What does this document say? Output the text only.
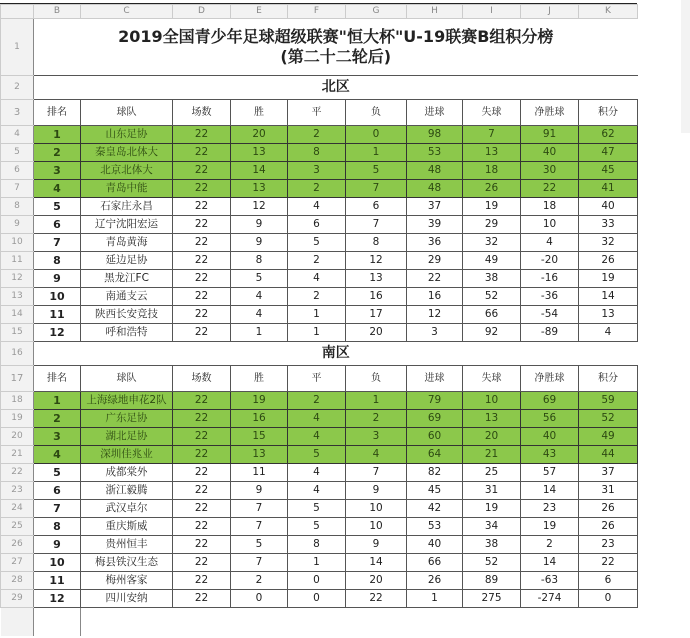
	B	C	D	E	F	G	H	I	J	K
1	2019全国青少年足球超级联赛"恒大杯"U-19联赛B组积分榜
(第二十二轮后)									

2	北区									
3	排名	球队	场数	胜	平	负	进球	失球	净胜球	积分
4	1	山东足协	22	20	2	0	98	7	91	62
5	2	秦皇岛北体大	22	13	8	1	53	13	40	47
6	3	北京北体大	22	14	3	5	48	18	30	45
7	4	青岛中能	22	13	2	7	48	26	22	41
8	5	石家庄永昌	22	12	4	6	37	19	18	40
9	6	辽宁沈阳宏运	22	9	6	7	39	29	10	33
10	7	青岛黄海	22	9	5	8	36	32	4	32
11	8	延边足协	22	8	2	12	29	49	-20	26
12	9	黑龙江FC	22	5	4	13	22	38	-16	19
13	10	南通支云	22	4	2	16	16	52	-36	14
14	11	陕西长安竞技	22	4	1	17	12	66	-54	13
15	12	呼和浩特	22	1	1	20	3	92	-89	4
16	南区									
17	排名	球队	场数	胜	平	负	进球	失球	净胜球	积分
18	1	上海绿地申花2队	22	19	2	1	79	10	69	59
19	2	广东足协	22	16	4	2	69	13	56	52
20	3	湖北足协	22	15	4	3	60	20	40	49
21	4	深圳佳兆业	22	13	5	4	64	21	43	44
22	5	成都棠外	22	11	4	7	82	25	57	37
23	6	浙江毅腾	22	9	4	9	45	31	14	31
24	7	武汉卓尔	22	7	5	10	42	19	23	26
25	8	重庆斯威	22	7	5	10	53	34	19	26
26	9	贵州恒丰	22	5	8	9	40	38	2	23
27	10	梅县铁汉生态	22	7	1	14	66	52	14	22
28	11	梅州客家	22	2	0	20	26	89	-63	6
29	12	四川安纳	22	0	0	22	1	275	-274	0
